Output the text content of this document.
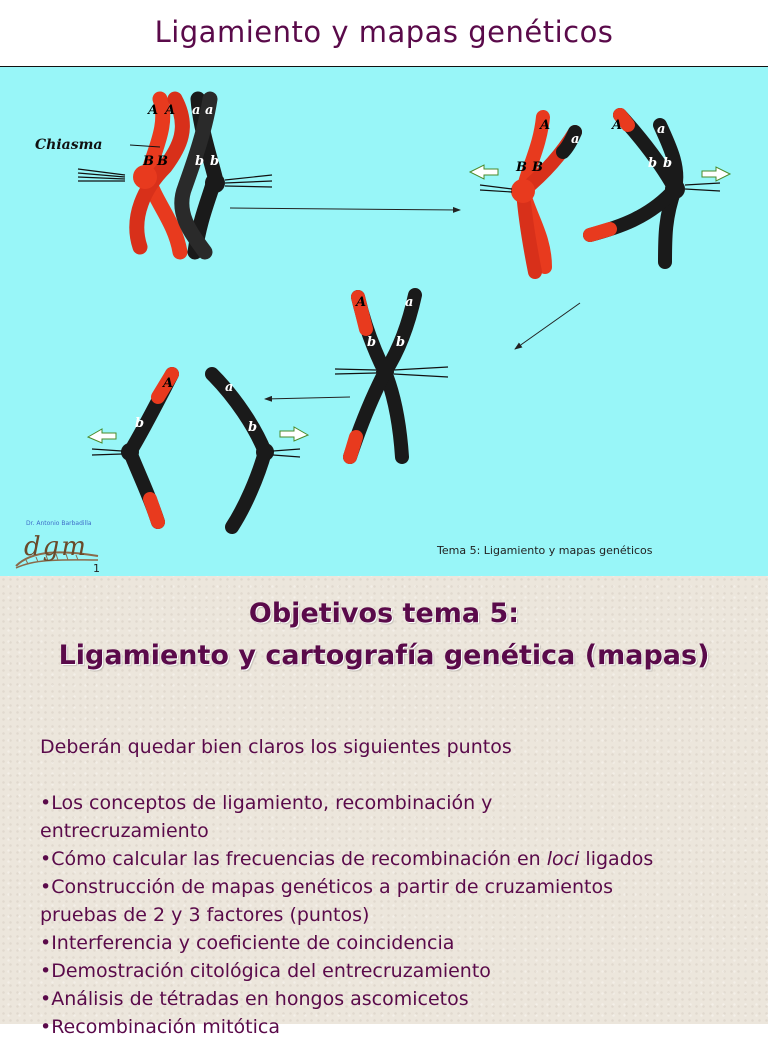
Ligamiento y mapas genéticos
A A a a
B B b b
Chiasma
A
a
B B
A	a
b b
A	a
b b
A	a
b	b
dgm
Dr. Antonio Barbadilla
Tema 5: Ligamiento y mapas genéticos
1
Objetivos tema 5:
Ligamiento y cartografía genética (mapas)
Deberán quedar bien claros los siguientes puntos
•Los conceptos de ligamiento, recombinación y
entrecruzamiento
•Cómo calcular las frecuencias de recombinación en loci ligados
•Construcción de mapas genéticos a partir de cruzamientos
pruebas de 2 y 3 factores (puntos)
•Interferencia y coeficiente de coincidencia
•Demostración citológica del entrecruzamiento
•Análisis de tétradas en hongos ascomicetos
•Recombinación mitótica
